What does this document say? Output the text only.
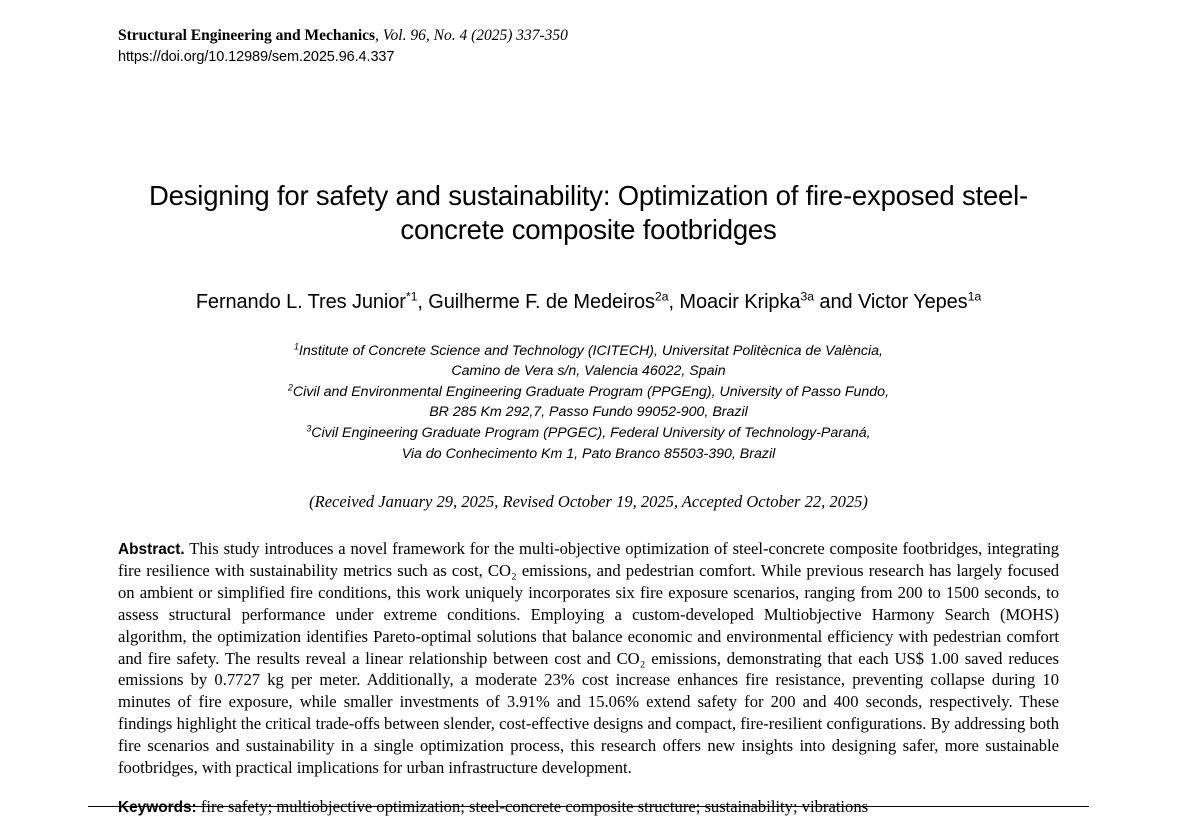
Structural Engineering and Mechanics, Vol. 96, No. 4 (2025) 337-350
https://doi.org/10.12989/sem.2025.96.4.337
Designing for safety and sustainability: Optimization of fire-exposed steel-concrete composite footbridges
Fernando L. Tres Junior$^{*1}$, Guilherme F. de Medeiros$^{2a}$, Moacir Kripka$^{3a}$ and Victor Yepes$^{1a}$
$^1$Institute of Concrete Science and Technology (ICITECH), Universitat Politècnica de València,
Camino de Vera s/n, Valencia 46022, Spain
$^2$Civil and Environmental Engineering Graduate Program (PPGEng), University of Passo Fundo,
BR 285 Km 292,7, Passo Fundo 99052-900, Brazil
$^3$Civil Engineering Graduate Program (PPGEC), Federal University of Technology-Paraná,
Via do Conhecimento Km 1, Pato Branco 85503-390, Brazil
(Received January 29, 2025, Revised October 19, 2025, Accepted October 22, 2025)
Abstract. This study introduces a novel framework for the multi-objective optimization of steel-concrete composite footbridges, integrating fire resilience with sustainability metrics such as cost, CO₂ emissions, and pedestrian comfort. While previous research has largely focused on ambient or simplified fire conditions, this work uniquely incorporates six fire exposure scenarios, ranging from 200 to 1500 seconds, to assess structural performance under extreme conditions. Employing a custom-developed Multiobjective Harmony Search (MOHS) algorithm, the optimization identifies Pareto-optimal solutions that balance economic and environmental efficiency with pedestrian comfort and fire safety. The results reveal a linear relationship between cost and CO₂ emissions, demonstrating that each US$ 1.00 saved reduces emissions by 0.7727 kg per meter. Additionally, a moderate 23% cost increase enhances fire resistance, preventing collapse during 10 minutes of fire exposure, while smaller investments of 3.91% and 15.06% extend safety for 200 and 400 seconds, respectively. These findings highlight the critical trade-offs between slender, cost-effective designs and compact, fire-resilient configurations. By addressing both fire scenarios and sustainability in a single optimization process, this research offers new insights into designing safer, more sustainable footbridges, with practical implications for urban infrastructure development.
Keywords: fire safety; multiobjective optimization; steel-concrete composite structure; sustainability; vibrations
